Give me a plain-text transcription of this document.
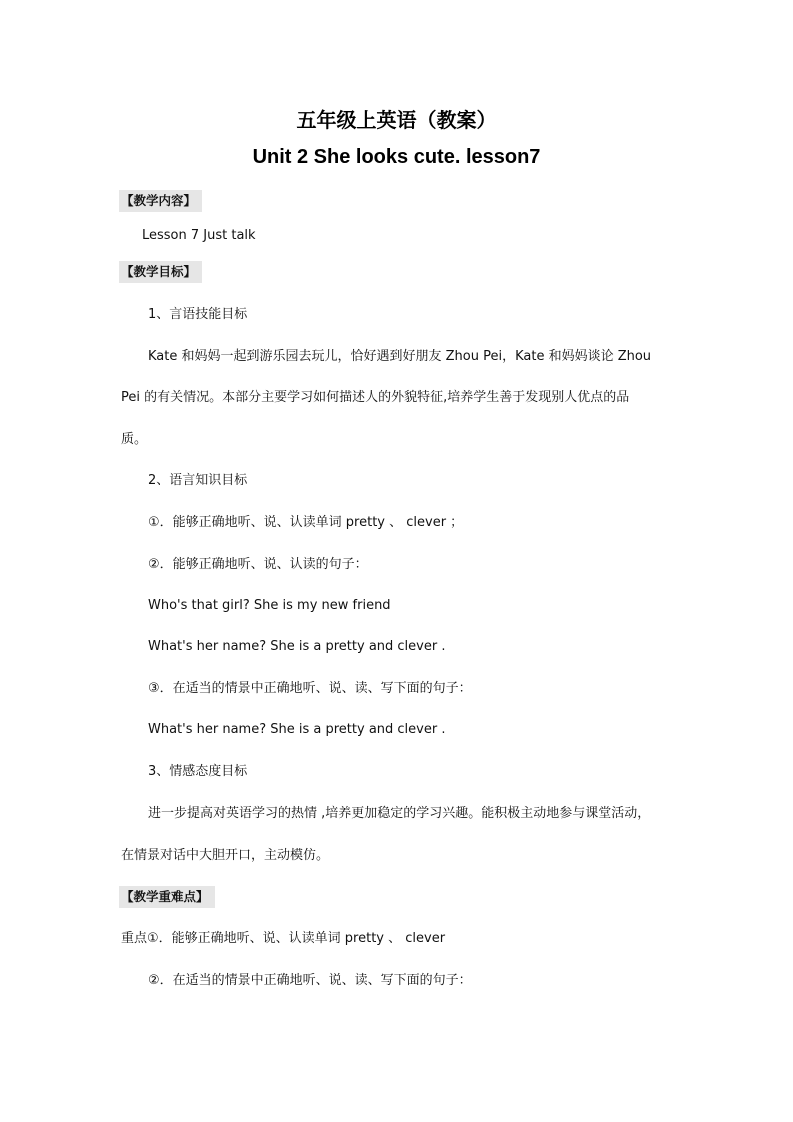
五年级上英语（教案）
Unit 2 She looks cute. lesson7
【教学内容】
Lesson 7 Just talk
【教学目标】
1、言语技能目标
Kate 和妈妈一起到游乐园去玩儿，恰好遇到好朋友 Zhou Pei，Kate 和妈妈谈论 Zhou
Pei 的有关情况。本部分主要学习如何描述人的外貌特征,培养学生善于发现别人优点的品
质。
2、语言知识目标
①．能够正确地听、说、认读单词 pretty 、 clever ；
②．能够正确地听、说、认读的句子：
Who's that girl? She is my new friend
What's her name? She is a pretty and clever .
③．在适当的情景中正确地听、说、读、写下面的句子：
What's her name? She is a pretty and clever .
3、情感态度目标
进一步提高对英语学习的热情 ,培养更加稳定的学习兴趣。能积极主动地参与课堂活动，
在情景对话中大胆开口，主动模仿。
【教学重难点】
重点①．能够正确地听、说、认读单词 pretty 、 clever
②．在适当的情景中正确地听、说、读、写下面的句子：
